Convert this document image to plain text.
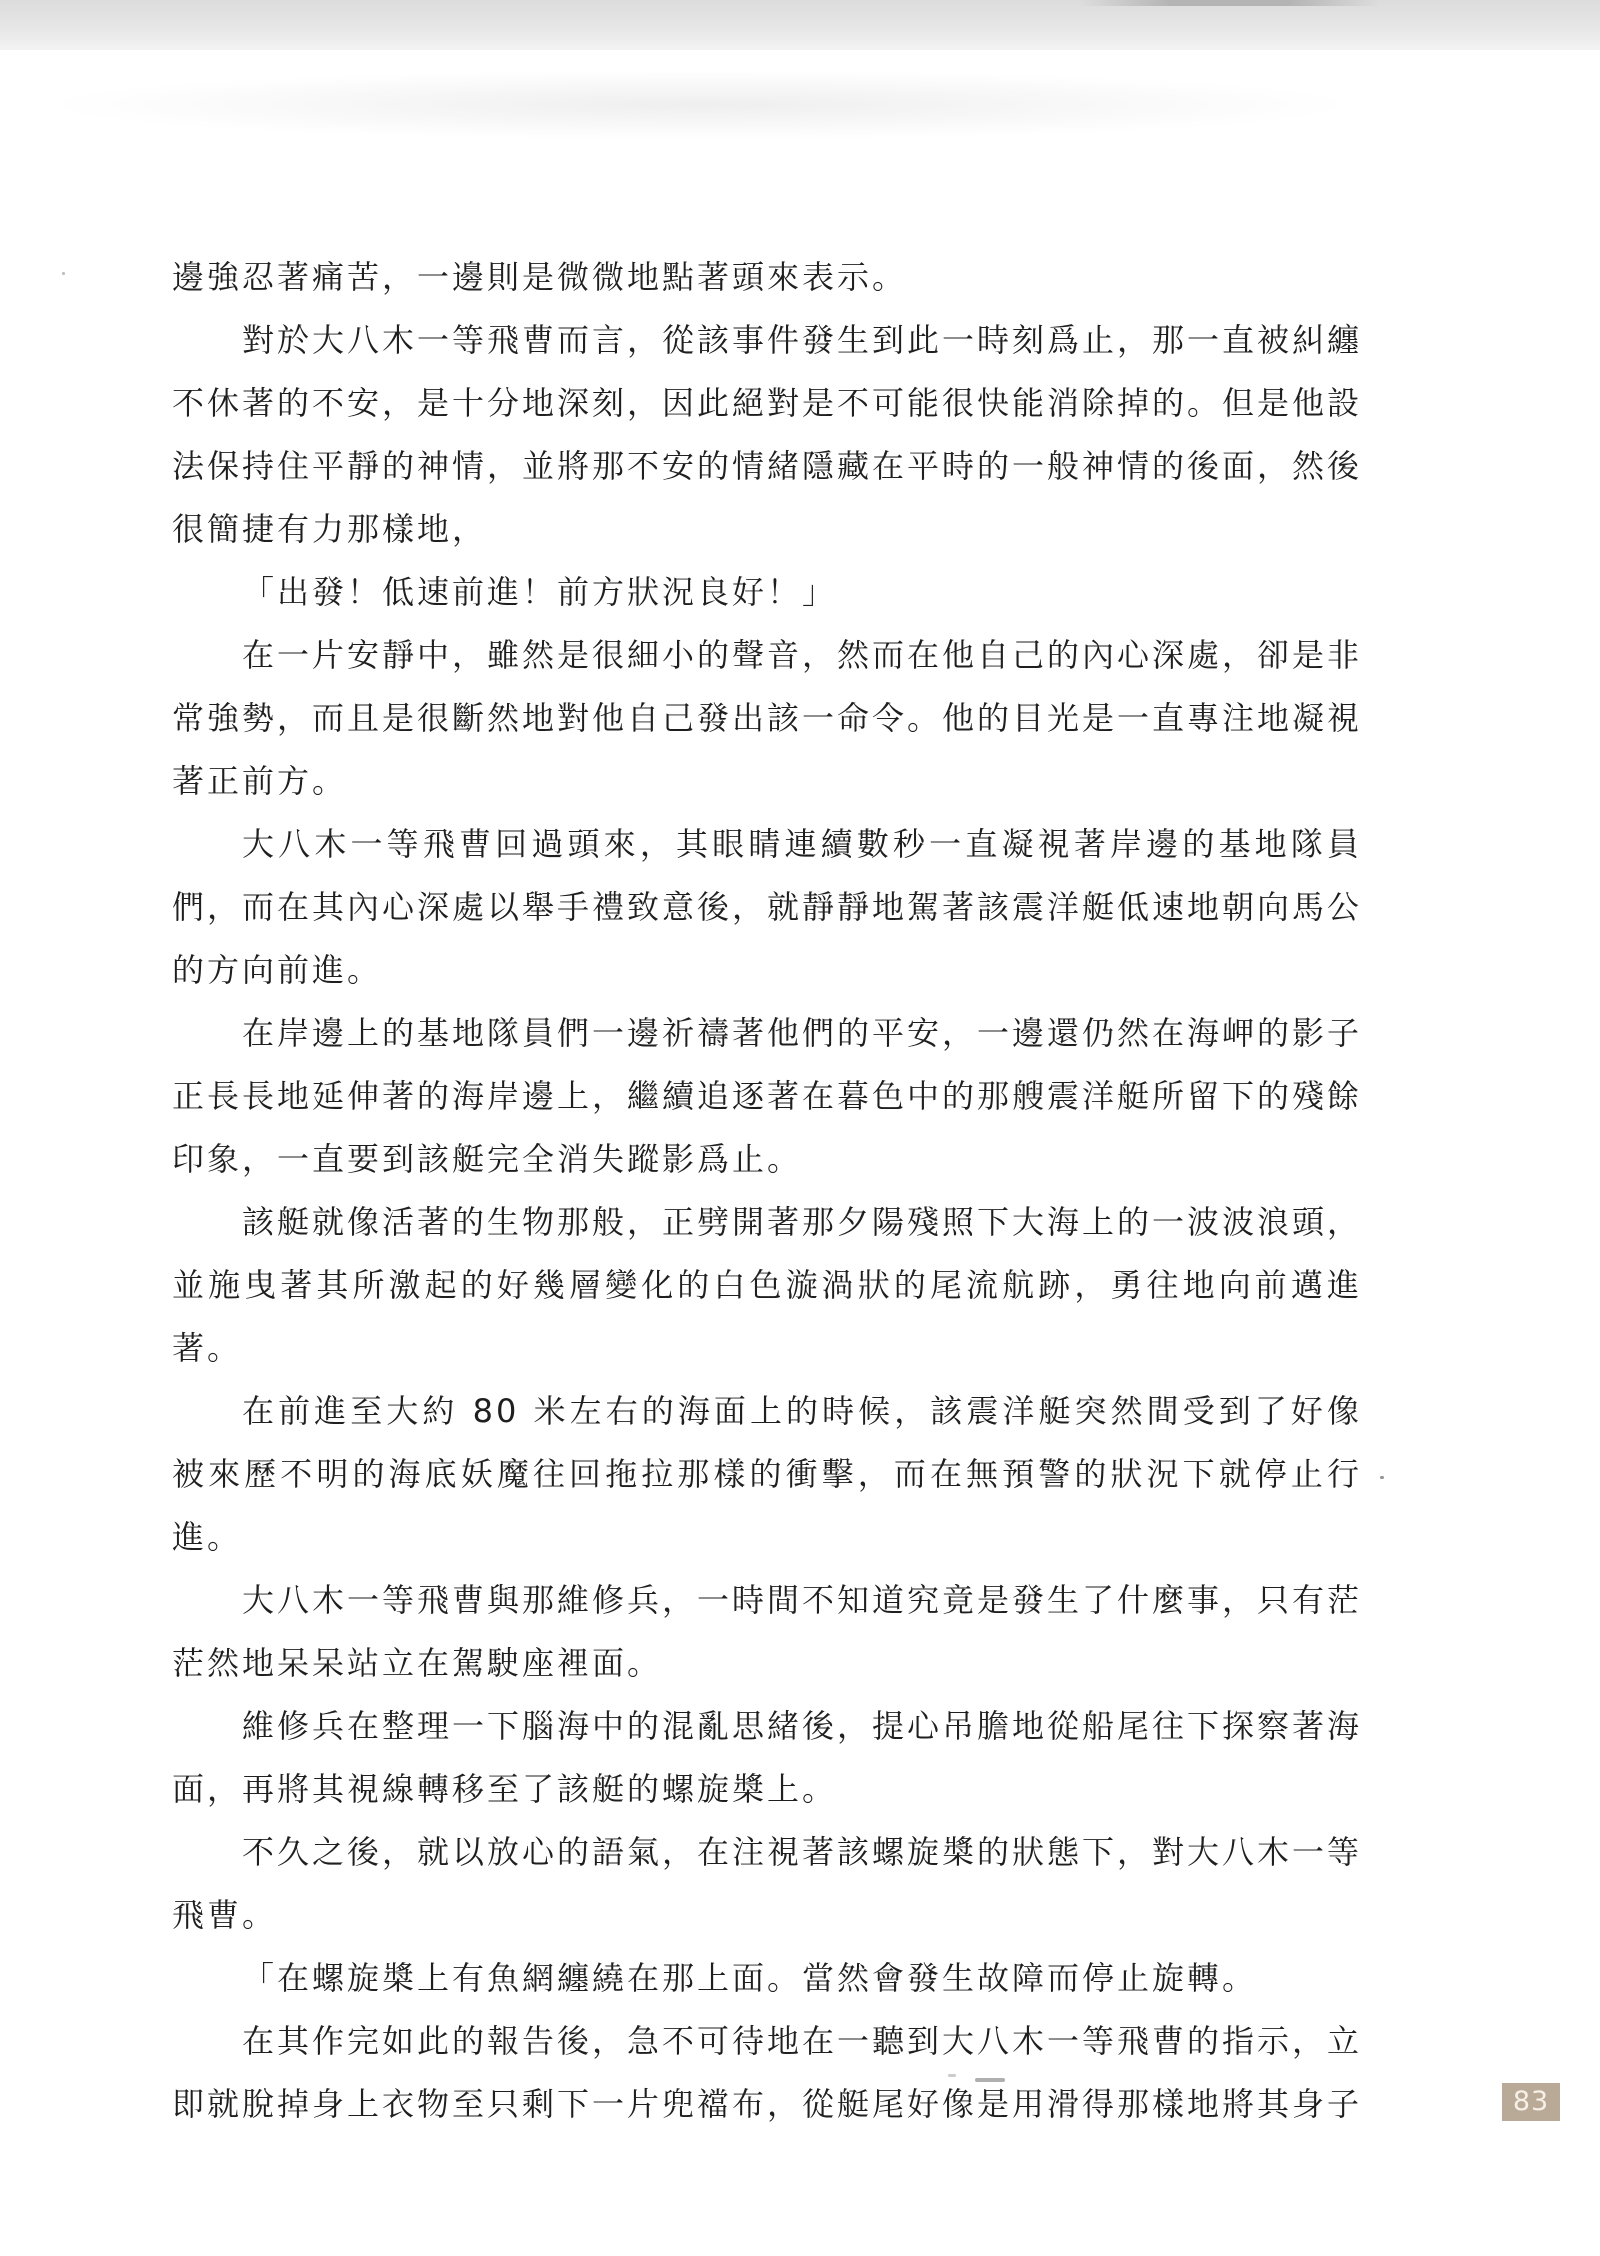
邊強忍著痛苦，一邊則是微微地點著頭來表示。

對於大八木一等飛曹而言，從該事件發生到此一時刻爲止，那一直被糾纏不休著的不安，是十分地深刻，因此絕對是不可能很快能消除掉的。但是他設法保持住平靜的神情，並將那不安的情緒隱藏在平時的一般神情的後面，然後很簡捷有力那樣地，

「出發！低速前進！前方狀況良好！」

在一片安靜中，雖然是很細小的聲音，然而在他自己的內心深處，卻是非常強勢，而且是很斷然地對他自己發出該一命令。他的目光是一直專注地凝視著正前方。

大八木一等飛曹回過頭來，其眼睛連續數秒一直凝視著岸邊的基地隊員們，而在其內心深處以舉手禮致意後，就靜靜地駕著該震洋艇低速地朝向馬公的方向前進。

在岸邊上的基地隊員們一邊祈禱著他們的平安，一邊還仍然在海岬的影子正長長地延伸著的海岸邊上，繼續追逐著在暮色中的那艘震洋艇所留下的殘餘印象，一直要到該艇完全消失蹤影爲止。

該艇就像活著的生物那般，正劈開著那夕陽殘照下大海上的一波波浪頭，並施曳著其所激起的好幾層變化的白色漩渦狀的尾流航跡，勇往地向前邁進著。

在前進至大約 80 米左右的海面上的時候，該震洋艇突然間受到了好像被來歷不明的海底妖魔往回拖拉那樣的衝擊，而在無預警的狀況下就停止行進。

大八木一等飛曹與那維修兵，一時間不知道究竟是發生了什麼事，只有茫茫然地呆呆站立在駕駛座裡面。

維修兵在整理一下腦海中的混亂思緒後，提心吊膽地從船尾往下探察著海面，再將其視線轉移至了該艇的螺旋槳上。

不久之後，就以放心的語氣，在注視著該螺旋槳的狀態下，對大八木一等飛曹。

「在螺旋槳上有魚網纏繞在那上面。當然會發生故障而停止旋轉。

在其作完如此的報告後，急不可待地在一聽到大八木一等飛曹的指示，立即就脫掉身上衣物至只剩下一片兜襠布，從艇尾好像是用滑得那樣地將其身子	83
